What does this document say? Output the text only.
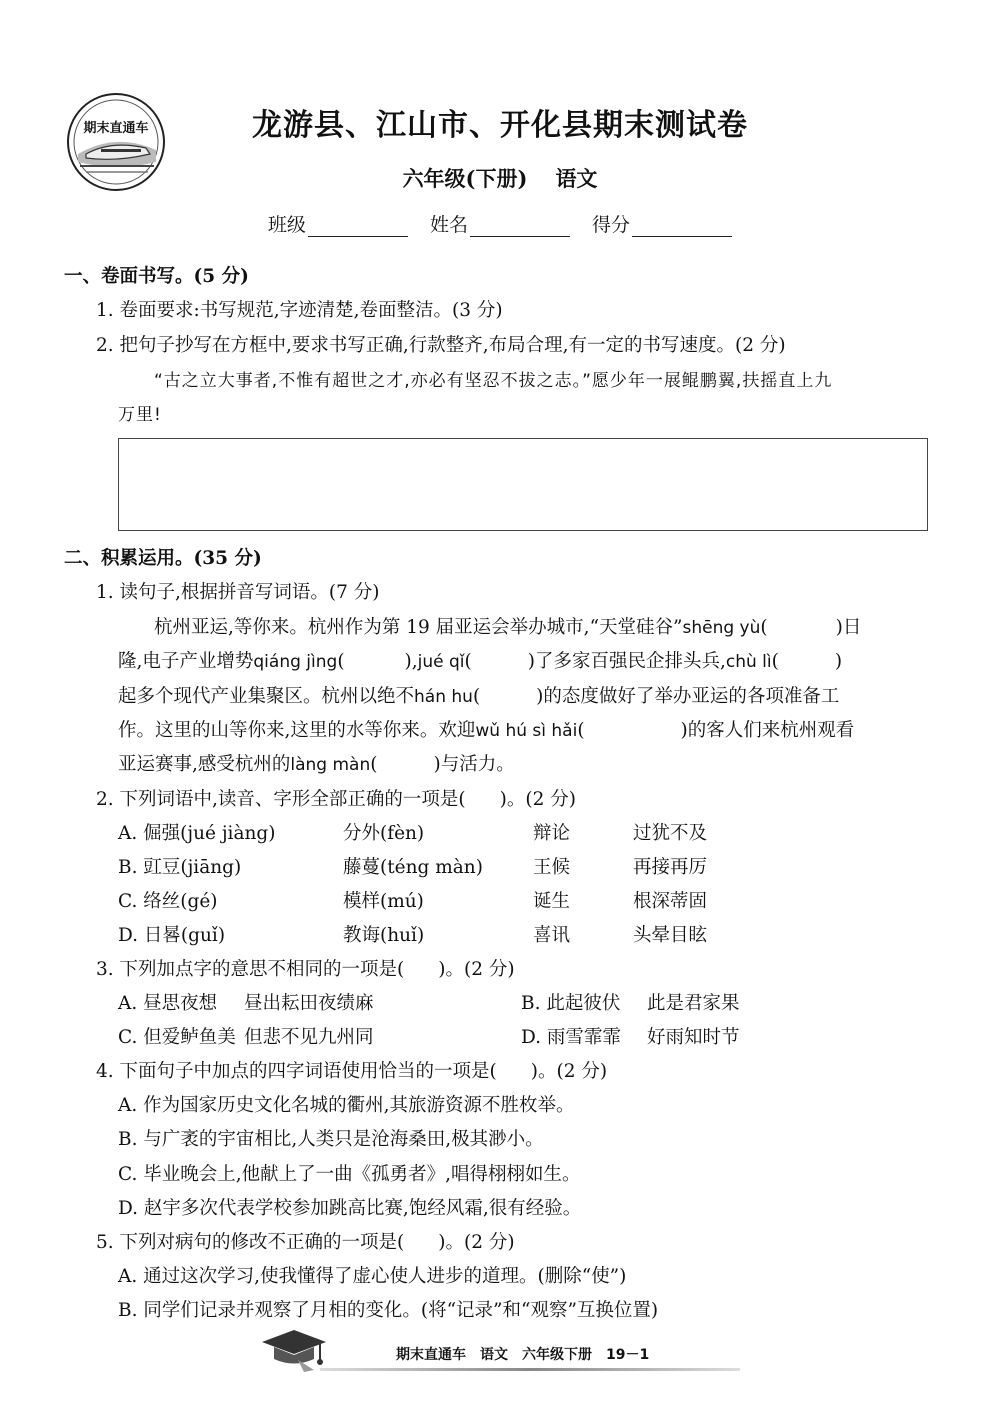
期末直通车	龙游县、江山市、开化县期末测试卷
六年级(下册) 语文
班级	姓名	得分
一、卷面书写。(5 分)
1. 卷面要求:书写规范,字迹清楚,卷面整洁。(3 分)
2. 把句子抄写在方框中,要求书写正确,行款整齐,布局合理,有一定的书写速度。(2 分)
“古之立大事者,不惟有超世之才,亦必有坚忍不拔之志。”愿少年一展鲲鹏翼,扶摇直上九
万里!
二、积累运用。(35 分)
1. 读句子,根据拼音写词语。(7 分)
杭州亚运,等你来。杭州作为第 19 届亚运会举办城市,“天堂硅谷”shēng yù(	)日
隆,电子产业增势qiáng jìng(	),jué qǐ(	)了多家百强民企排头兵,chù lì(	)
起多个现代产业集聚区。杭州以绝不hán hu(	)的态度做好了举办亚运的各项准备工
作。这里的山等你来,这里的水等你来。欢迎wǔ hú sì hǎi(	)的客人们来杭州观看
亚运赛事,感受杭州的làng màn(	)与活力。
2. 下列词语中,读音、字形全部正确的一项是( )。(2 分)
A. 倔强(jué jiàng)	分外(fèn)	辩论	过犹不及
B. 豇豆(jiāng)	藤蔓(téng màn)	王候	再接再厉
C. 络丝(gé)	模样(mú)	诞生	根深蒂固
D. 日晷(guǐ)	教诲(huǐ)	喜讯	头晕目眩
3. 下列加点字的意思不相同的一项是( )。(2 分)
A. 昼思夜想 昼出耘田夜绩麻	B. 此起彼伏 此是君家果
C. 但爱鲈鱼美 但悲不见九州同	D. 雨雪霏霏 好雨知时节
4. 下面句子中加点的四字词语使用恰当的一项是( )。(2 分)
A. 作为国家历史文化名城的衢州,其旅游资源不胜枚举。
B. 与广袤的宇宙相比,人类只是沧海桑田,极其渺小。
C. 毕业晚会上,他献上了一曲《孤勇者》,唱得栩栩如生。
D. 赵宇多次代表学校参加跳高比赛,饱经风霜,很有经验。
5. 下列对病句的修改不正确的一项是( )。(2 分)
A. 通过这次学习,使我懂得了虚心使人进步的道理。(删除“使”)
B. 同学们记录并观察了月相的变化。(将“记录”和“观察”互换位置)
期末直通车 语文 六年级下册 19－1
